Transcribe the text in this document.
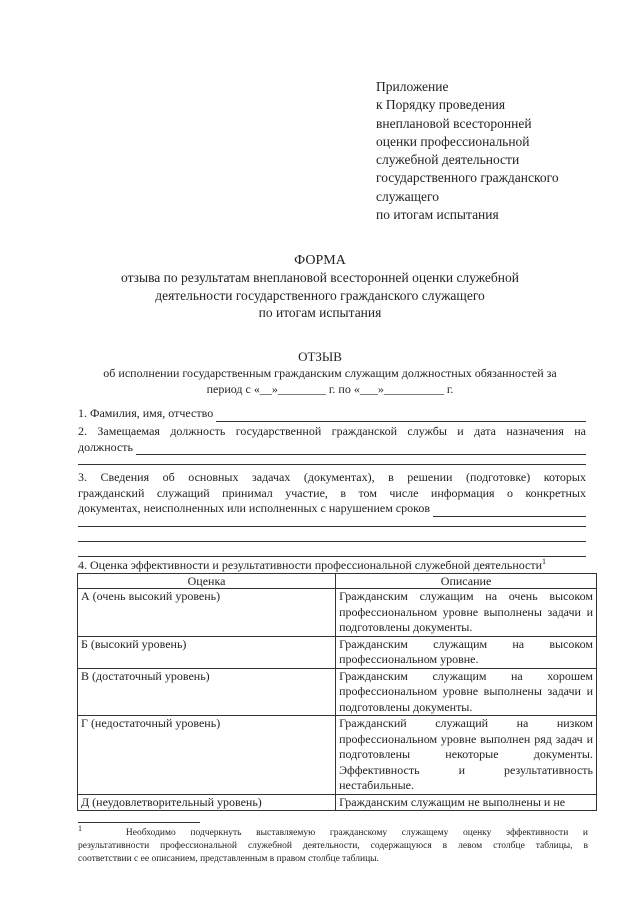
Приложение
к Порядку проведения
внеплановой всесторонней
оценки профессиональной
служебной деятельности
государственного гражданского
служащего
по итогам испытания
ФОРМА
отзыва по результатам внеплановой всесторонней оценки служебной
деятельности государственного гражданского служащего
по итогам испытания
ОТЗЫВ
об исполнении государственным гражданским служащим должностных обязанностей за
период с «__»________ г. по «___»__________ г.
1. Фамилия, имя, отчество
2. Замещаемая должность государственной гражданской службы и дата назначения на
должность
3. Сведения об основных задачах (документах), в решении (подготовке) которых
гражданский служащий принимал участие, в том числе информация о конкретных
документах, неисполненных или исполненных с нарушением сроков
4. Оценка эффективности и результативности профессиональной служебной деятельности$^1$
Оценка	Описание
А (очень высокий уровень)	Гражданским служащим на очень высоком профессиональном уровне выполнены задачи и подготовлены документы.
Б (высокий уровень)	Гражданским служащим на высоком профессиональном уровне.
В (достаточный уровень)	Гражданским служащим на хорошем профессиональном уровне выполнены задачи и подготовлены документы.
Г (недостаточный уровень)	Гражданский служащий на низком профессиональном уровне выполнен ряд задач и подготовлены некоторые документы. Эффективность и результативность нестабильные.
Д (неудовлетворительный уровень)	Гражданским служащим не выполнены и не
$^1$	Необходимо подчеркнуть выставляемую гражданскому служащему оценку эффективности и
результативности профессиональной служебной деятельности, содержащуюся в левом столбце таблицы, в
соответствии с ее описанием, представленным в правом столбце таблицы.
